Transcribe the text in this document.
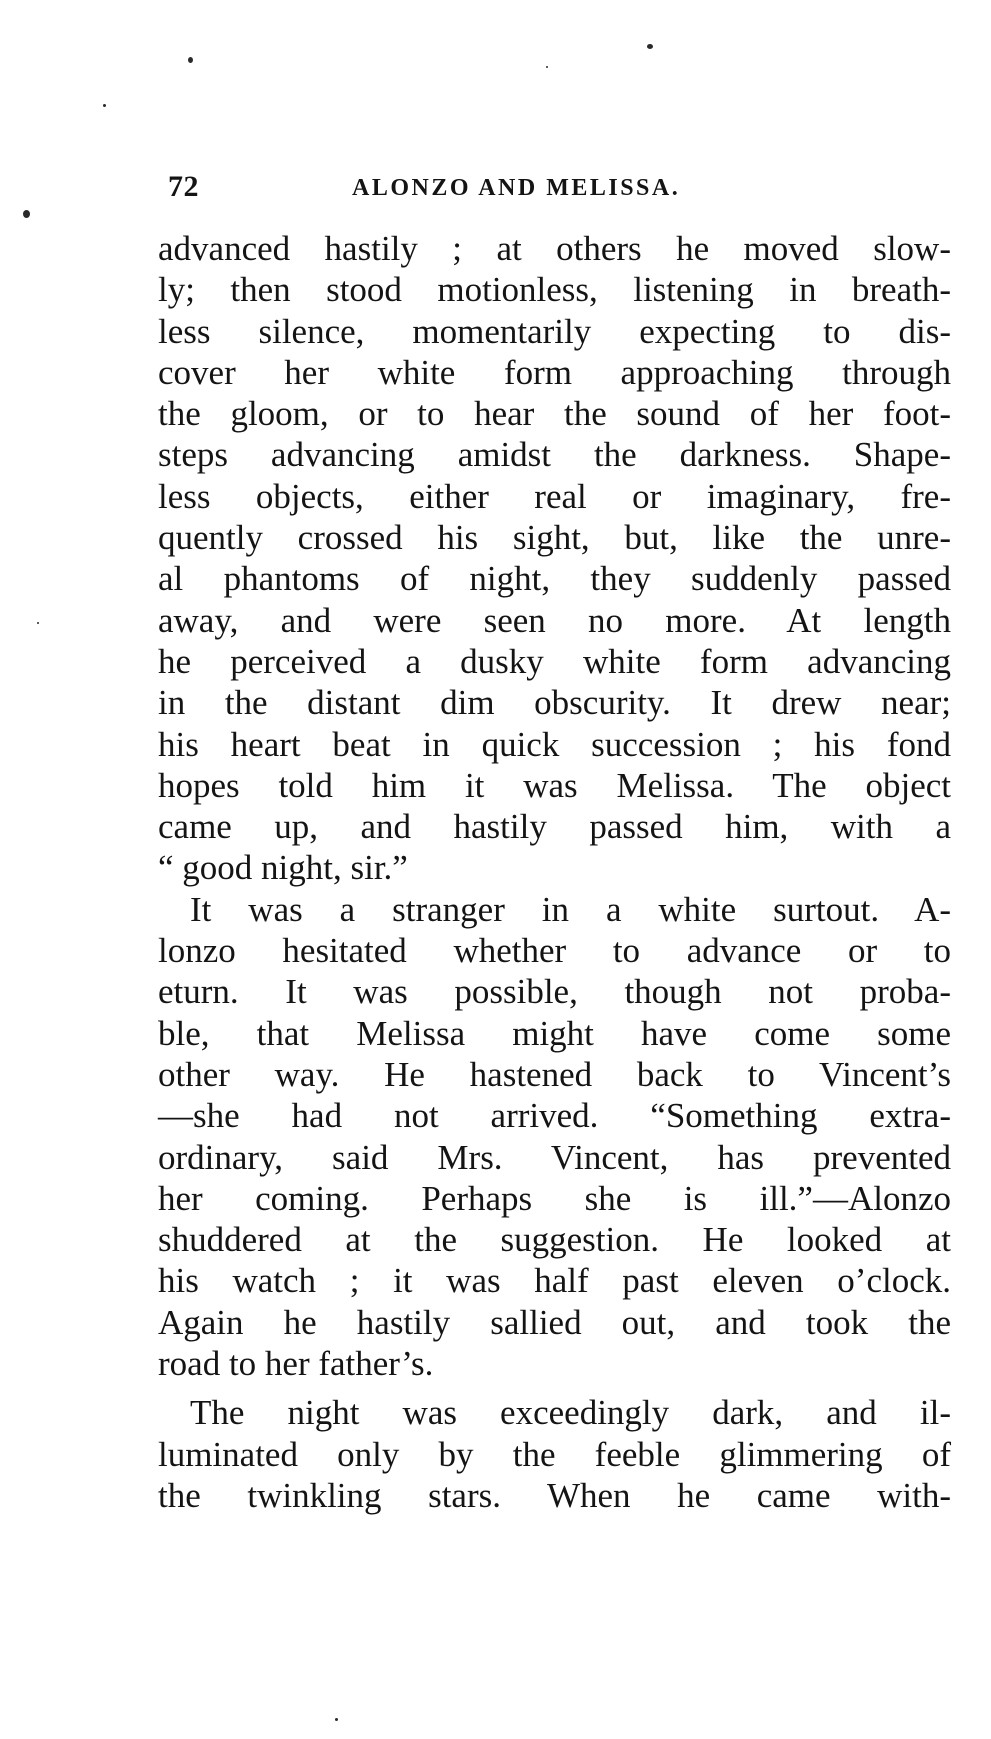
72	ALONZO AND MELISSA.
advanced hastily ; at others he moved slow-
ly; then stood motionless, listening in breath-
less silence, momentarily expecting to dis-
cover her white form approaching through
the gloom, or to hear the sound of her foot-
steps advancing amidst the darkness. Shape-
less objects, either real or imaginary, fre-
quently crossed his sight, but, like the unre-
al phantoms of night, they suddenly passed
away, and were seen no more. At length
he perceived a dusky white form advancing
in the distant dim obscurity. It drew near;
his heart beat in quick succession ; his fond
hopes told him it was Melissa. The object
came up, and hastily passed him, with a
“ good night, sir.”
It was a stranger in a white surtout. A-
lonzo hesitated whether to advance or to
eturn. It was possible, though not proba-
ble, that Melissa might have come some
other way. He hastened back to Vincent’s
—she had not arrived. “Something extra-
ordinary, said Mrs. Vincent, has prevented
her coming. Perhaps she is ill.”—Alonzo
shuddered at the suggestion. He looked at
his watch ; it was half past eleven o’clock.
Again he hastily sallied out, and took the
road to her father’s.
The night was exceedingly dark, and il-
luminated only by the feeble glimmering of
the twinkling stars. When he came with-
